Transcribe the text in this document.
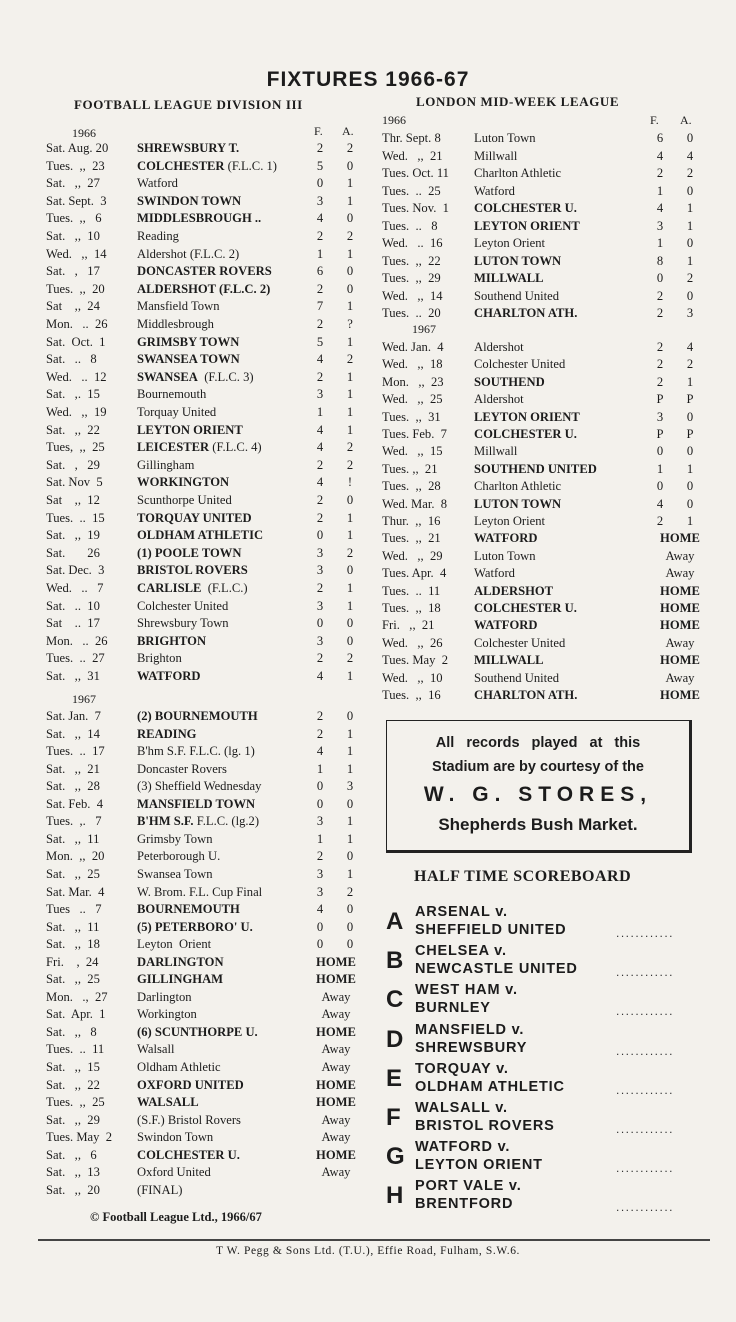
FIXTURES 1966-67
FOOTBALL LEAGUE DIVISION III
1966	F. A.
Sat. Aug. 20 SHREWSBURY T.	2	2
Tues.  ,,  23	COLCHESTER (F.L.C. 1)	5	0
Sat.   ,,  27	Watford	0	1
Sat. Sept.  3 SWINDON TOWN	3	1
Tues.  ,,   6	MIDDLESBROUGH ..	4	0
Sat.   ,,  10	Reading	2	2
Wed.   ,,  14 Aldershot (F.L.C. 2)	1	1
Sat.   ,   17	DONCASTER ROVERS	6	0
Tues.  ,,  20	ALDERSHOT (F.L.C. 2)	2	0
Sat    ,,  24	Mansfield Town	7	1
Mon.   ..  26 Middlesbrough	2	?
Sat.  Oct.  1	GRIMSBY TOWN	5	1
Sat.   ..   8	SWANSEA TOWN	4	2
Wed.   ..  12 SWANSEA  (F.L.C. 3)	2	1
Sat.   ,.  15	Bournemouth	3	1
Wed.   ,,  19 Torquay United	1	1
Sat.   ,,  22	LEYTON ORIENT	4	1
Tues,  ,,  25	LEICESTER (F.L.C. 4)	4	2
Sat.   ,   29	Gillingham	2	2
Sat. Nov  5	WORKINGTON	4	!
Sat    ,,  12	Scunthorpe United	2	0
Tues.  ..  15	TORQUAY UNITED	2	1
Sat.   ,,  19	OLDHAM ATHLETIC	0	1
Sat.       26	(1) POOLE TOWN	3	2
Sat. Dec.  3	BRISTOL ROVERS	3	0
Wed.   ..   7	CARLISLE  (F.L.C.)	2	1
Sat.   ..  10	Colchester United	3	1
Sat    ..  17	Shrewsbury Town	0	0
Mon.   ..  26 BRIGHTON	3	0
Tues.  ..  27	Brighton	2	2
Sat.   ,,  31	WATFORD	4	1
1967
Sat. Jan.  7	(2) BOURNEMOUTH	2	0
Sat.   ,,  14	READING	2	1
Tues.  ..  17	B'hm S.F. F.L.C. (lg. 1)	4	1
Sat.   ,,  21	Doncaster Rovers	1	1
Sat.   ,,  28	(3) Sheffield Wednesday	0	3
Sat. Feb.  4	MANSFIELD TOWN	0	0
Tues.  ,.   7	B'HM S.F. F.L.C. (lg.2)	3	1
Sat.   ,,  11	Grimsby Town	1	1
Mon.  ,,  20	Peterborough U.	2	0
Sat.   ,,  25	Swansea Town	3	1
Sat. Mar.  4	W. Brom. F.L. Cup Final	3	2
Tues   ..   7	BOURNEMOUTH	4	0
Sat.   ,,  11	(5) PETERBORO' U.	0	0
Sat.   ,,  18	Leyton  Orient	0	0
Fri.    ,  24	DARLINGTON	HOME
Sat.   ,,  25	GILLINGHAM	HOME
Mon.   .,  27 Darlington	Away
Sat.  Apr.  1	Workington	Away
Sat.   ,,   8	(6) SCUNTHORPE U.	HOME
Tues.  ..  11	Walsall	Away
Sat.   ,,  15	Oldham Athletic	Away
Sat.   ,,  22	OXFORD UNITED	HOME
Tues.  ,,  25	WALSALL	HOME
Sat.   ,,  29	(S.F.) Bristol Rovers	Away
Tues. May  2 Swindon Town	Away
Sat.   ,,   6	COLCHESTER U.	HOME
Sat.   ,,  13	Oxford United	Away
Sat.   ,,  20	(FINAL)
LONDON MID-WEEK LEAGUE
1966	F. A.
Thr. Sept. 8	Luton Town	6	0
Wed.   ,,  21 Millwall	4	4
Tues. Oct. 11 Charlton Athletic	2	2
Tues.  ..  25	Watford	1	0
Tues. Nov.  1 COLCHESTER U.	4	1
Tues.  ..   8	LEYTON ORIENT	3	1
Wed.   ..  16 Leyton Orient	1	0
Tues.  ,,  22	LUTON TOWN	8	1
Tues.  ,,  29	MILLWALL	0	2
Wed.   ,,  14 Southend United	2	0
Tues.  ..  20	CHARLTON ATH.	2	3
1967
Wed. Jan.  4 Aldershot	2	4
Wed.   ,,  18 Colchester United	2	2
Mon.   ,,  23 SOUTHEND	2	1
Wed.   ,,  25 Aldershot	P	P
Tues.  ,,  31	LEYTON ORIENT	3	0
Tues. Feb.  7 COLCHESTER U.	P	P
Wed.   ,,  15 Millwall	0	0
Tues. ,,  21	SOUTHEND UNITED	1	1
Tues.  ,,  28	Charlton Athletic	0	0
Wed. Mar.  8 LUTON TOWN	4	0
Thur.  ,,  16	Leyton Orient	2	1
Tues.  ,,  21	WATFORD	HOME
Wed.   ,,  29 Luton Town	Away
Tues. Apr.  4 Watford	Away
Tues.  ..  11	ALDERSHOT	HOME
Tues.  ,,  18	COLCHESTER U.	HOME
Fri.   ,,  21	WATFORD	HOME
Wed.   ,,  26 Colchester United	Away
Tues. May  2 MILLWALL	HOME
Wed.   ,,  10 Southend United	Away
Tues.  ,,  16	CHARLTON ATH.	HOME
All records played at this
Stadium are by courtesy of the
W. G. STORES,
Shepherds Bush Market.
HALF TIME SCOREBOARD
A ARSENAL v.
SHEFFIELD UNITED	............
B CHELSEA v.
NEWCASTLE UNITED	............
C WEST HAM v.
BURNLEY	............
D MANSFIELD v.
SHREWSBURY	............
E TORQUAY v.
OLDHAM ATHLETIC	............
F WALSALL v.
BRISTOL ROVERS	............
G WATFORD v.
LEYTON ORIENT	............
H PORT VALE v.
BRENTFORD	............
© Football League Ltd., 1966/67
T W. Pegg & Sons Ltd. (T.U.), Effie Road, Fulham, S.W.6.
